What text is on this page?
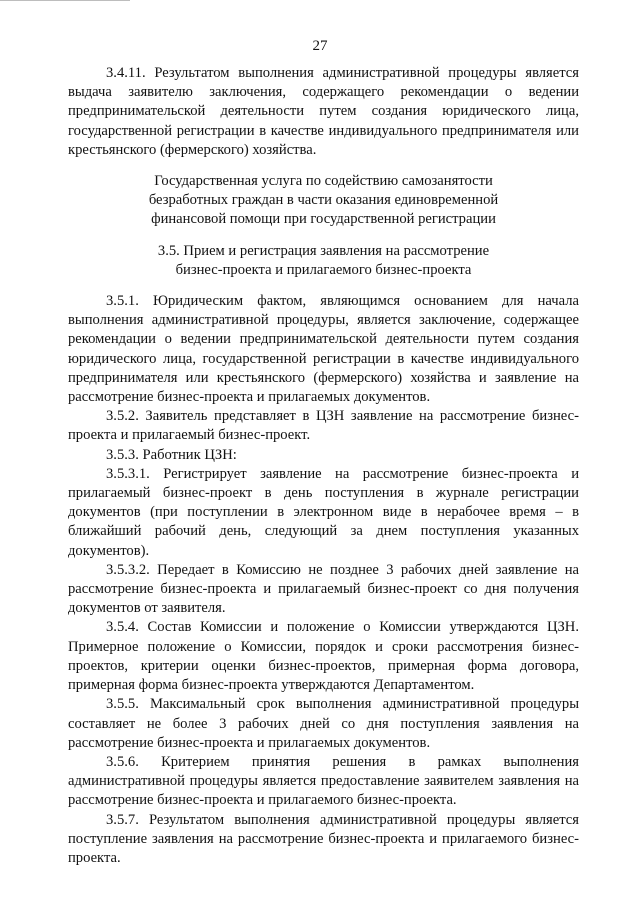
27

3.4.11. Результатом выполнения административной процедуры является выдача заявителю заключения, содержащего рекомендации о ведении предпринимательской деятельности путем создания юридического лица, государственной регистрации в качестве индивидуального предпринимателя или крестьянского (фермерского) хозяйства.

Государственная услуга по содействию самозанятости

безработных граждан в части оказания единовременной

финансовой помощи при государственной регистрации

3.5. Прием и регистрация заявления на рассмотрение

бизнес-проекта и прилагаемого бизнес-проекта

3.5.1. Юридическим фактом, являющимся основанием для начала выполнения административной процедуры, является заключение, содержащее рекомендации о ведении предпринимательской деятельности путем создания юридического лица, государственной регистрации в качестве индивидуального предпринимателя или крестьянского (фермерского) хозяйства и заявление на рассмотрение бизнес-проекта и прилагаемых документов.

3.5.2. Заявитель представляет в ЦЗН заявление на рассмотрение бизнес-проекта и прилагаемый бизнес-проект.

3.5.3. Работник ЦЗН:

3.5.3.1. Регистрирует заявление на рассмотрение бизнес-проекта и прилагаемый бизнес-проект в день поступления в журнале регистрации документов (при поступлении в электронном виде в нерабочее время – в ближайший рабочий день, следующий за днем поступления указанных документов).

3.5.3.2. Передает в Комиссию не позднее 3 рабочих дней заявление на рассмотрение бизнес-проекта и прилагаемый бизнес-проект со дня получения документов от заявителя.

3.5.4. Состав Комиссии и положение о Комиссии утверждаются ЦЗН. Примерное положение о Комиссии, порядок и сроки рассмотрения бизнес-проектов, критерии оценки бизнес-проектов, примерная форма договора, примерная форма бизнес-проекта утверждаются Департаментом.

3.5.5. Максимальный срок выполнения административной процедуры составляет не более 3 рабочих дней со дня поступления заявления на рассмотрение бизнес-проекта и прилагаемых документов.

3.5.6. Критерием принятия решения в рамках выполнения административной процедуры является предоставление заявителем заявления на рассмотрение бизнес-проекта и прилагаемого бизнес-проекта.

3.5.7. Результатом выполнения административной процедуры является поступление заявления на рассмотрение бизнес-проекта и прилагаемого бизнес-проекта.
